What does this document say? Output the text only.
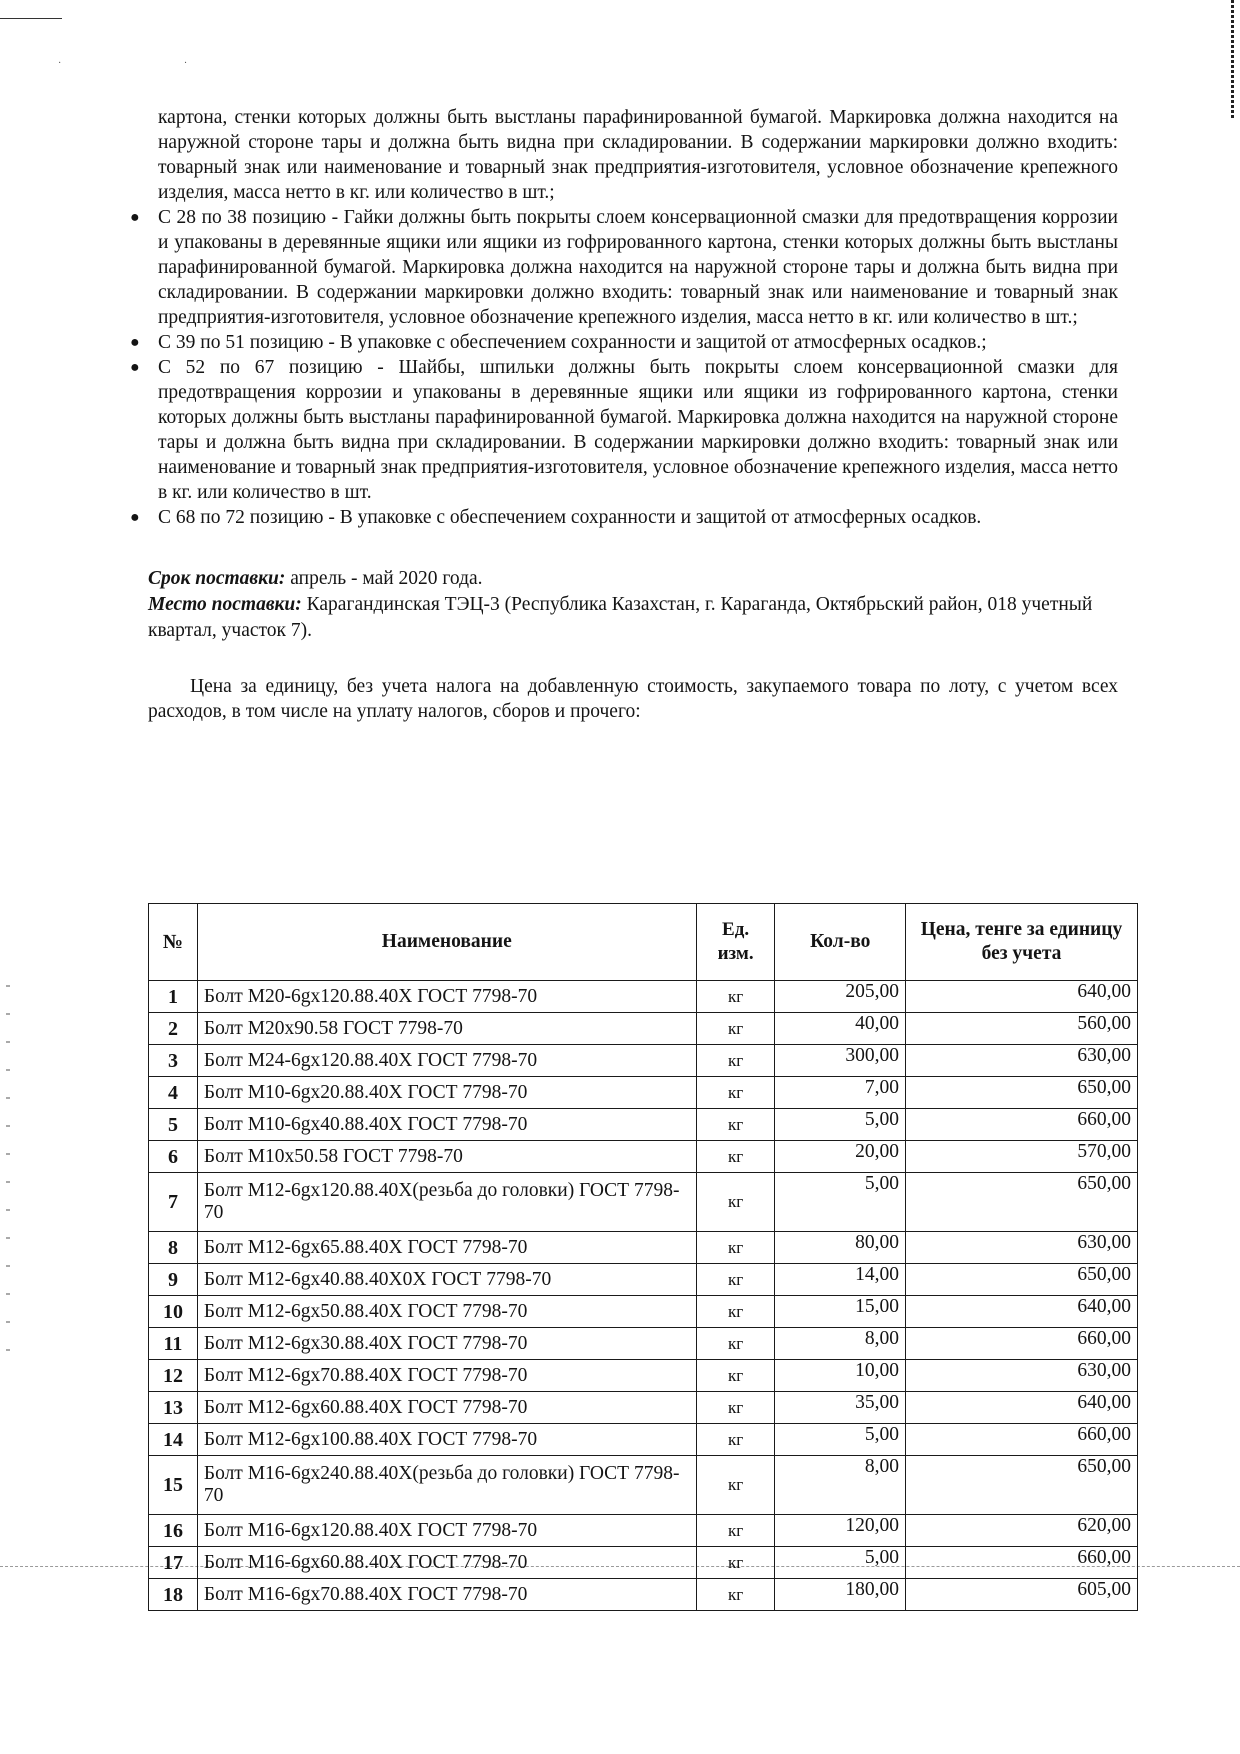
· ·

картона, стенки которых должны быть выстланы парафинированной бумагой. Маркировка должна находится на наружной стороне тары и должна быть видна при складировании. В содержании маркировки должно входить: товарный знак или наименование и товарный знак предприятия-изготовителя, условное обозначение крепежного изделия, масса нетто в кг. или количество в шт.;

● С 28 по 38 позицию - Гайки должны быть покрыты слоем консервационной смазки для предотвращения коррозии и упакованы в деревянные ящики или ящики из гофрированного картона, стенки которых должны быть выстланы парафинированной бумагой. Маркировка должна находится на наружной стороне тары и должна быть видна при складировании. В содержании маркировки должно входить: товарный знак или наименование и товарный знак предприятия-изготовителя, условное обозначение крепежного изделия, масса нетто в кг. или количество в шт.;
● С 39 по 51 позицию - В упаковке с обеспечением сохранности и защитой от атмосферных осадков.;
● С 52 по 67 позицию - Шайбы, шпильки должны быть покрыты слоем консервационной смазки для предотвращения коррозии и упакованы в деревянные ящики или ящики из гофрированного картона, стенки которых должны быть выстланы парафинированной бумагой. Маркировка должна находится на наружной стороне тары и должна быть видна при складировании. В содержании маркировки должно входить: товарный знак или наименование и товарный знак предприятия-изготовителя, условное обозначение крепежного изделия, масса нетто в кг. или количество в шт.
● С 68 по 72 позицию - В упаковке с обеспечением сохранности и защитой от атмосферных осадков.
Срок поставки: апрель - май 2020 года.
Место поставки: Карагандинская ТЭЦ-3 (Республика Казахстан, г. Караганда, Октябрьский район, 018 учетный квартал, участок 7).

Цена за единицу, без учета налога на добавленную стоимость, закупаемого товара по лоту, с учетом всех расходов, в том числе на уплату налогов, сборов и прочего:

№	Наименование	Ед. изм.	Кол-во	Цена, тенге за единицу без учета
1	Болт М20-6gx120.88.40Х ГОСТ 7798-70	кг	205,00	640,00
2	Болт М20х90.58 ГОСТ 7798-70	кг	40,00	560,00
3	Болт М24-6gx120.88.40Х ГОСТ 7798-70	кг	300,00	630,00
4	Болт М10-6gx20.88.40Х ГОСТ 7798-70	кг	7,00	650,00
5	Болт М10-6gx40.88.40Х ГОСТ 7798-70	кг	5,00	660,00
6	Болт М10х50.58 ГОСТ 7798-70	кг	20,00	570,00
7	Болт М12-6gx120.88.40Х(резьба до головки) ГОСТ 7798-70	кг	5,00	650,00
8	Болт М12-6gx65.88.40Х ГОСТ 7798-70	кг	80,00	630,00
9	Болт М12-6gx40.88.40Х0Х ГОСТ 7798-70	кг	14,00	650,00
10	Болт М12-6gx50.88.40Х ГОСТ 7798-70	кг	15,00	640,00
11	Болт М12-6gx30.88.40Х ГОСТ 7798-70	кг	8,00	660,00
12	Болт М12-6gx70.88.40Х ГОСТ 7798-70	кг	10,00	630,00
13	Болт М12-6gx60.88.40Х ГОСТ 7798-70	кг	35,00	640,00
14	Болт М12-6gx100.88.40Х ГОСТ 7798-70	кг	5,00	660,00
15	Болт М16-6gx240.88.40Х(резьба до головки) ГОСТ 7798-70	кг	8,00	650,00
16	Болт М16-6gx120.88.40Х ГОСТ 7798-70	кг	120,00	620,00
17	Болт М16-6gx60.88.40Х ГОСТ 7798-70	кг	5,00	660,00
18	Болт М16-6gx70.88.40Х ГОСТ 7798-70	кг	180,00	605,00
